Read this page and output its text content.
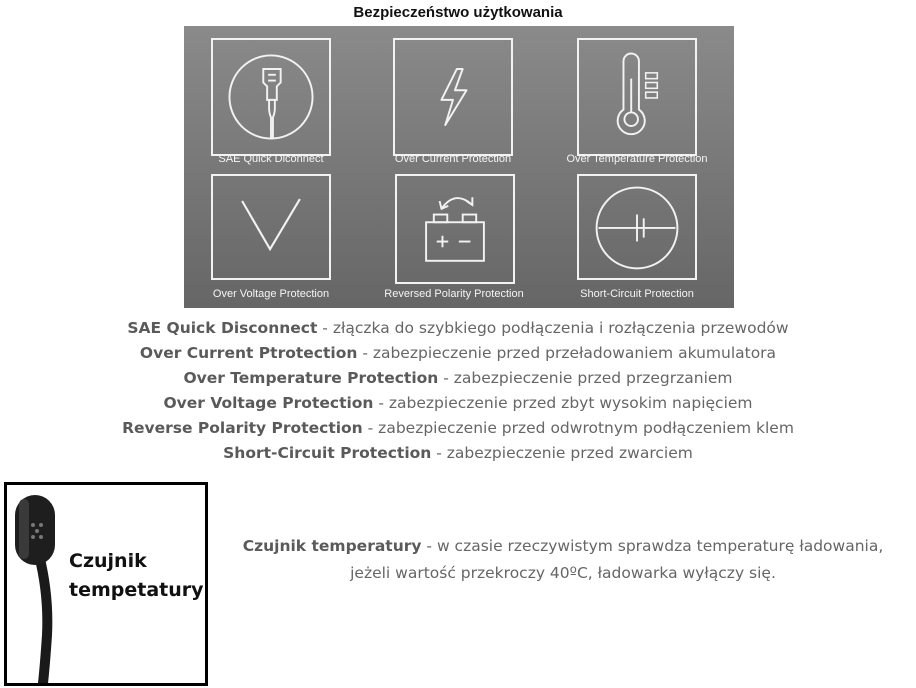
Bezpieczeństwo użytkowania
SAE Quick Diconnect	Over Current Protection	Over Temperature Protection
Over Voltage Protection	Reversed Polarity Protection	Short-Circuit Protection
SAE Quick Disconnect - złączka do szybkiego podłączenia i rozłączenia przewodów
Over Current Ptrotection - zabezpieczenie przed przeładowaniem akumulatora
Over Temperature Protection - zabezpieczenie przed przegrzaniem
Over Voltage Protection - zabezpieczenie przed zbyt wysokim napięciem
Reverse Polarity Protection - zabezpieczenie przed odwrotnym podłączeniem klem
Short-Circuit Protection - zabezpieczenie przed zwarciem
Czujnik
tempetatury
Czujnik temperatury - w czasie rzeczywistym sprawdza temperaturę ładowania,
jeżeli wartość przekroczy 40ºC, ładowarka wyłączy się.
